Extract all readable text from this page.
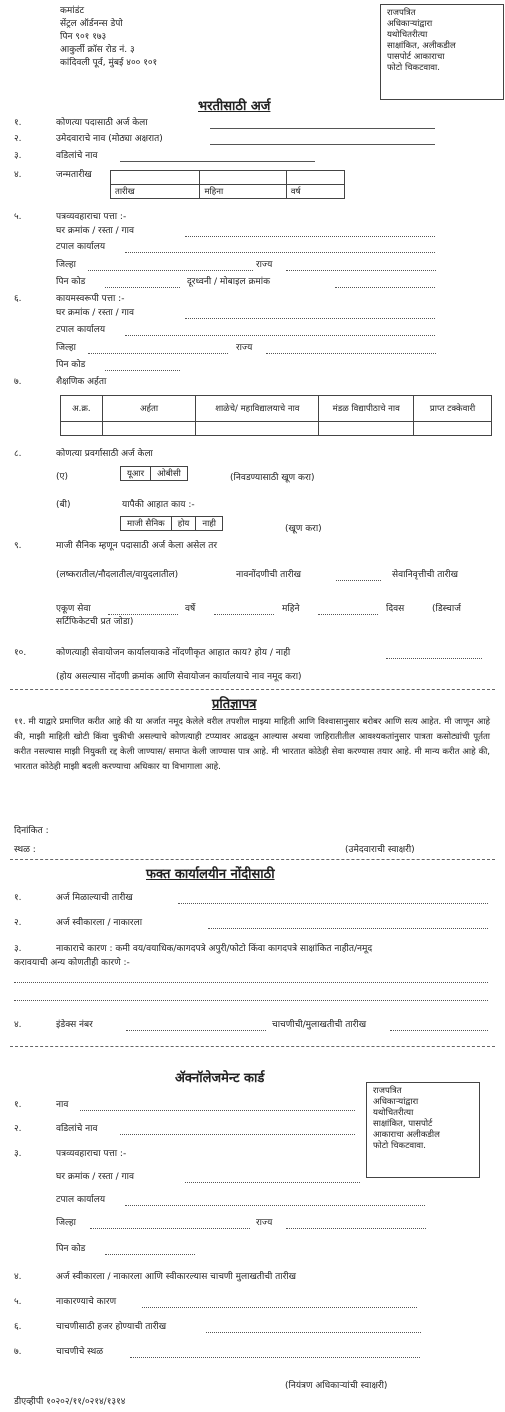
कमांडंट
सेंट्रल ऑर्डनन्स डेपो
पिन ९०१ १७३
आकुर्ली क्रॉस रोड नं. ३
कांदिवली पूर्व, मुंबई ४०० १०१
राजपत्रित
अधिकाऱ्यांद्वारा
यथोचितरीत्या
साक्षांकित, अलीकडील
पासपोर्ट आकाराचा
फोटो चिकटवावा.
भरतीसाठी अर्ज
१.	कोणत्या पदासाठी अर्ज केला
२.	उमेदवाराचे नाव (मोठ्या अक्षरात)
३.	वडिलांचे नाव
४.	जन्मतारीख

तारीख	महिना	वर्ष
५.	पत्रव्यवहाराचा पत्ता :-
घर क्रमांक / रस्ता / गाव
टपाल कार्यालय
जिल्हा	राज्य
पिन कोड	दूरध्वनी / मोबाइल क्रमांक
६.	कायमस्वरूपी पत्ता :-
घर क्रमांक / रस्ता / गाव
टपाल कार्यालय
जिल्हा	राज्य
पिन कोड
७.	शैक्षणिक अर्हता
अ.क्र.	अर्हता	शाळेचे/ महाविद्यालयाचे नाव	मंडळ विद्यापीठाचे नाव	प्राप्त टक्केवारी

८.	कोणत्या प्रवर्गासाठी अर्ज केला
(ए)	यूआर	ओबीसी	(निवडण्यासाठी खूण करा)
(बी)	यापैकी आहात काय :-
माजी सैनिक	होय	नाही	(खूण करा)
९.	माजी सैनिक म्हणून पदासाठी अर्ज केला असेल तर
(लष्करातील/नौदलातील/वायुदलातील)	नावनोंदणीची तारीख	सेवानिवृत्तीची तारीख
एकूण सेवा	वर्षे	महिने	दिवस	(डिस्चार्ज
सर्टिफिकेटची प्रत जोडा)
१०.	कोणत्याही सेवायोजन कार्यालयाकडे नोंदणीकृत आहात काय? होय / नाही
(होय असल्यास नोंदणी क्रमांक आणि सेवायोजन कार्यालयाचे नाव नमूद करा)
प्रतिज्ञापत्र
११. मी याद्वारे प्रमाणित करीत आहे की या अर्जात नमूद केलेले वरील तपशील माझ्या माहिती आणि विश्वासानुसार बरोबर आणि सत्य आहेत. मी जाणून आहे की, माझी माहिती खोटी किंवा चुकीची असल्याचे कोणत्याही टप्प्यावर आढळून आल्यास अथवा जाहिरातीतील आवश्यकतांनुसार पात्रता कसोट्यांची पूर्तता करीत नसल्यास माझी नियुक्ती रद्द केली जाण्यास/ समाप्त केली जाण्यास पात्र आहे. मी भारतात कोठेही सेवा करण्यास तयार आहे. मी मान्य करीत आहे की, भारतात कोठेही माझी बदली करण्याचा अधिकार या विभागाला आहे.
दिनांकित :
स्थळ :	(उमेदवाराची स्वाक्षरी)
फक्त कार्यालयीन नोंदीसाठी
१.	अर्ज मिळाल्याची तारीख
२.	अर्ज स्वीकारला / नाकारला
३.	नाकाराचे कारण : कमी वय/वयाधिक/कागदपत्रे अपुरी/फोटो किंवा कागदपत्रे साक्षांकित नाहीत/नमूद
करावयाची अन्य कोणतीही कारणे :-
४.	इंडेक्स नंबर	चाचणीची/मुलाखतीची तारीख
ॲक्नॉलेजमेन्ट कार्ड
राजपत्रित
अधिकाऱ्यांद्वारा
यथोचितरीत्या
साक्षांकित, पासपोर्ट
आकाराचा अलीकडील
फोटो चिकटवावा.
१.	नाव
२.	वडिलांचे नाव
३.	पत्रव्यवहाराचा पत्ता :-
घर क्रमांक / रस्ता / गाव
टपाल कार्यालय
जिल्हा	राज्य
पिन कोड
४.	अर्ज स्वीकारला / नाकारला आणि स्वीकारल्यास चाचणी मुलाखतीची तारीख
५.	नाकारण्याचे कारण
६.	चाचणीसाठी हजर होण्याची तारीख
७.	चाचणीचे स्थळ
(नियंत्रण अधिकाऱ्यांची स्वाक्षरी)
डीएव्हीपी १०२०२/११/०२१४/१३१४
